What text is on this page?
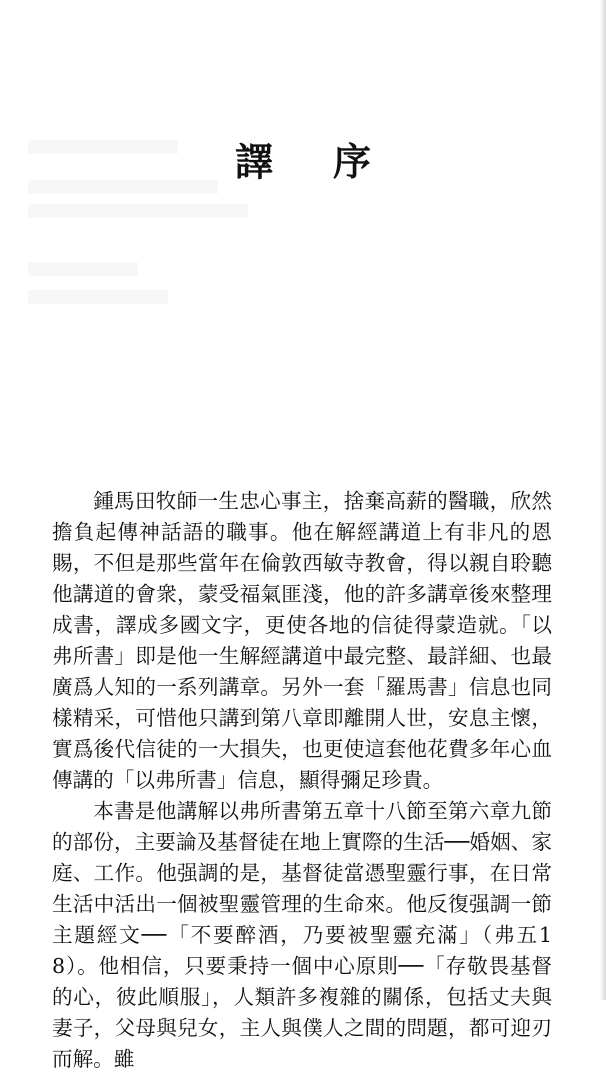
譯 序

鍾馬田牧師一生忠心事主，捨棄高薪的醫職，欣然擔負起傳神話語的職事。他在解經講道上有非凡的恩賜，不但是那些當年在倫敦西敏寺教會，得以親自聆聽他講道的會衆，蒙受福氣匪淺，他的許多講章後來整理成書，譯成多國文字，更使各地的信徒得蒙造就。「以弗所書」即是他一生解經講道中最完整、最詳細、也最廣爲人知的一系列講章。另外一套「羅馬書」信息也同樣精采，可惜他只講到第八章即離開人世，安息主懷，實爲後代信徒的一大損失，也更使這套他花費多年心血傳講的「以弗所書」信息，顯得彌足珍貴。

本書是他講解以弗所書第五章十八節至第六章九節的部份，主要論及基督徒在地上實際的生活──婚姻、家庭、工作。他强調的是，基督徒當憑聖靈行事，在日常生活中活出一個被聖靈管理的生命來。他反復强調一節主題經文──「不要醉酒，乃要被聖靈充滿」（弗五18）。他相信，只要秉持一個中心原則──「存敬畏基督的心，彼此順服」，人類許多複雜的關係，包括丈夫與妻子，父母與兒女，主人與僕人之間的問題，都可迎刃而解。雖
